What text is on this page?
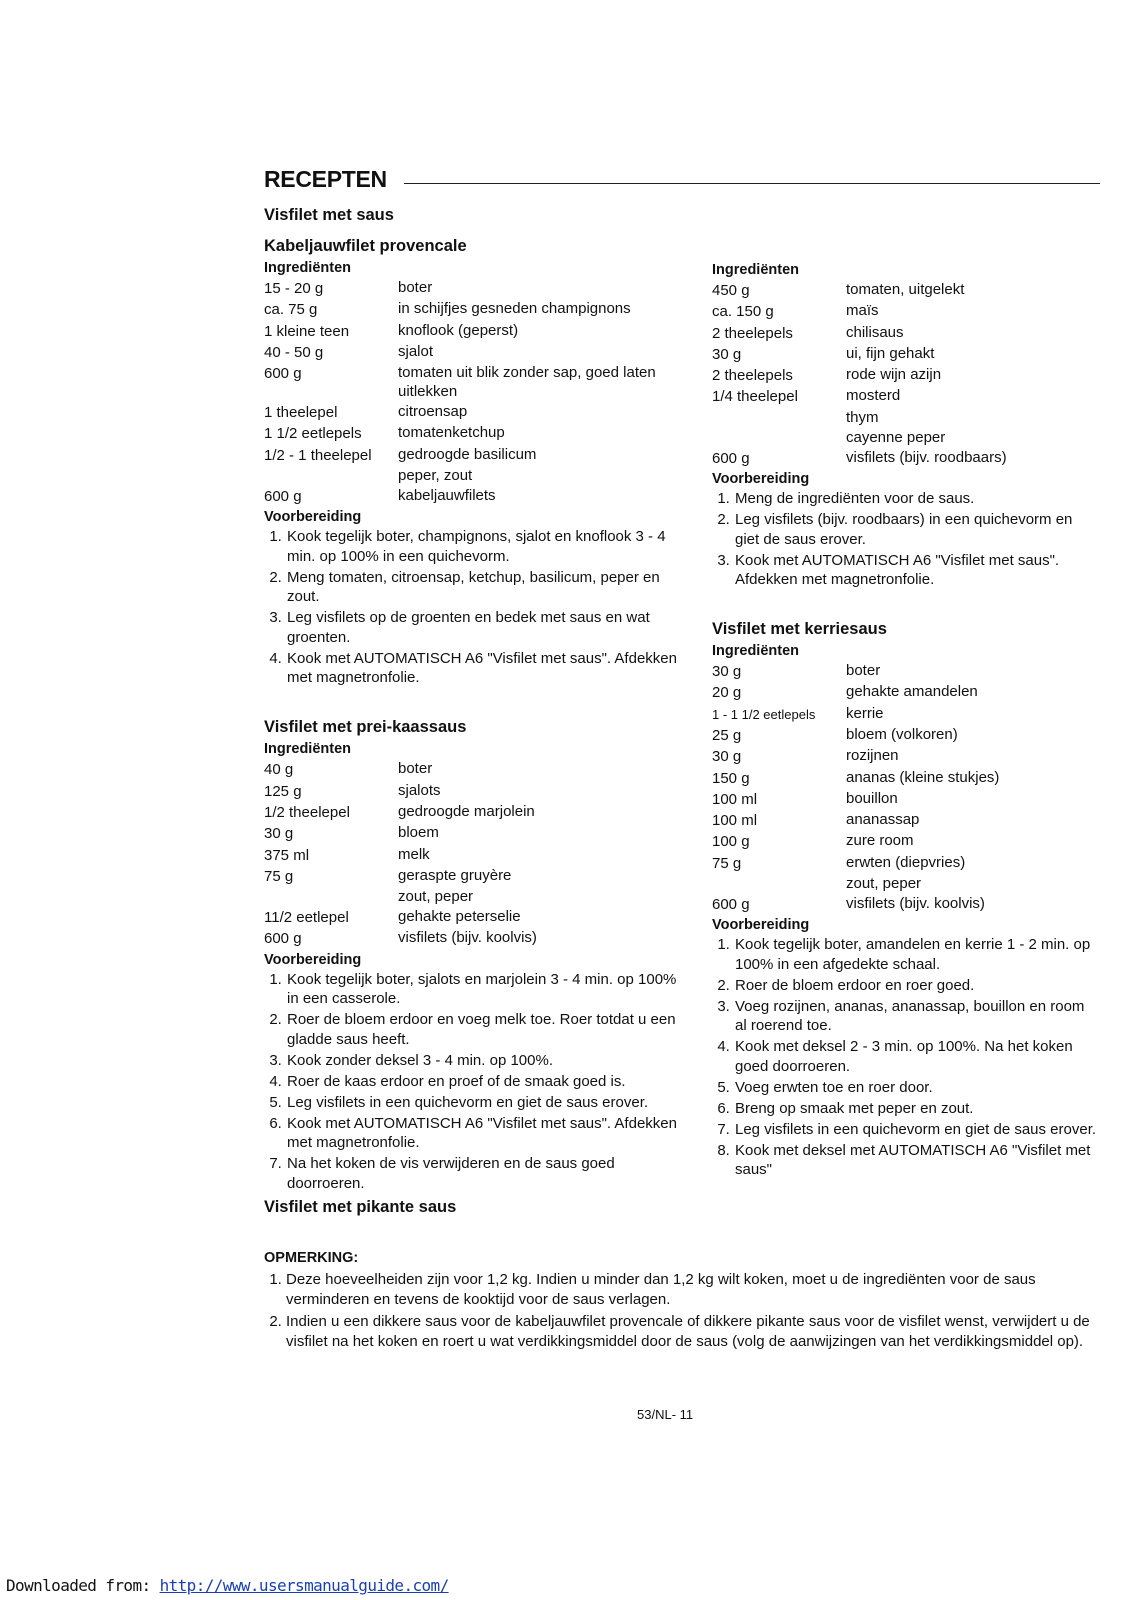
RECEPTEN
Visfilet met saus
Kabeljauwfilet provencale
Ingrediënten
15 - 20 g	boter
ca. 75 g	in schijfjes gesneden champignons
1 kleine teen	knoflook (geperst)
40 - 50 g	sjalot
600 g	tomaten uit blik zonder sap, goed laten uitlekken
1 theelepel	citroensap
1 1/2 eetlepels	tomatenketchup
1/2 - 1 theelepel	gedroogde basilicum
	peper, zout
600 g	kabeljauwfilets
Voorbereiding
1. Kook tegelijk boter, champignons, sjalot en knoflook 3 - 4 min. op 100% in een quichevorm.
2. Meng tomaten, citroensap, ketchup, basilicum, peper en zout.
3. Leg visfilets op de groenten en bedek met saus en wat groenten.
4. Kook met AUTOMATISCH A6 "Visfilet met saus". Afdekken met magnetronfolie.
Visfilet met prei-kaassaus
Ingrediënten
40 g	boter
125 g	sjalots
1/2 theelepel	gedroogde marjolein
30 g	bloem
375 ml	melk
75 g	geraspte gruyère
	zout, peper
11/2 eetlepel	gehakte peterselie
600 g	visfilets (bijv. koolvis)
Voorbereiding
1. Kook tegelijk boter, sjalots en marjolein 3 - 4 min. op 100% in een casserole.
2. Roer de bloem erdoor en voeg melk toe. Roer totdat u een gladde saus heeft.
3. Kook zonder deksel 3 - 4 min. op 100%.
4. Roer de kaas erdoor en proef of de smaak goed is.
5. Leg visfilets in een quichevorm en giet de saus erover.
6. Kook met AUTOMATISCH A6 "Visfilet met saus". Afdekken met magnetronfolie.
7. Na het koken de vis verwijderen en de saus goed doorroeren.
Visfilet met pikante saus
Ingrediënten
450 g	tomaten, uitgelekt
ca. 150 g	maïs
2 theelepels	chilisaus
30 g	ui, fijn gehakt
2 theelepels	rode wijn azijn
1/4 theelepel	mosterd
	thym
	cayenne peper
600 g	visfilets (bijv. roodbaars)
Voorbereiding
1. Meng de ingrediënten voor de saus.
2. Leg visfilets (bijv. roodbaars) in een quichevorm en giet de saus erover.
3. Kook met AUTOMATISCH A6 "Visfilet met saus". Afdekken met magnetronfolie.
Visfilet met kerriesaus
Ingrediënten
30 g	boter
20 g	gehakte amandelen
1 - 1 1/2 eetlepels	kerrie
25 g	bloem (volkoren)
30 g	rozijnen
150 g	ananas (kleine stukjes)
100 ml	bouillon
100 ml	ananassap
100 g	zure room
75 g	erwten (diepvries)
	zout, peper
600 g	visfilets (bijv. koolvis)
Voorbereiding
1. Kook tegelijk boter, amandelen en kerrie 1 - 2 min. op 100% in een afgedekte schaal.
2. Roer de bloem erdoor en roer goed.
3. Voeg rozijnen, ananas, ananassap, bouillon en room al roerend toe.
4. Kook met deksel 2 - 3 min. op 100%. Na het koken goed doorroeren.
5. Voeg erwten toe en roer door.
6. Breng op smaak met peper en zout.
7. Leg visfilets in een quichevorm en giet de saus erover.
8. Kook met deksel met AUTOMATISCH A6 "Visfilet met saus"
OPMERKING:
1. Deze hoeveelheiden zijn voor 1,2 kg. Indien u minder dan 1,2 kg wilt koken, moet u de ingrediënten voor de saus verminderen en tevens de kooktijd voor de saus verlagen.
2. Indien u een dikkere saus voor de kabeljauwfilet provencale of dikkere pikante saus voor de visfilet wenst, verwijdert u de visfilet na het koken en roert u wat verdikkingsmiddel door de saus (volg de aanwijzingen van het verdikkingsmiddel op).
53/NL- 11
Downloaded from: http://www.usersmanualguide.com/
